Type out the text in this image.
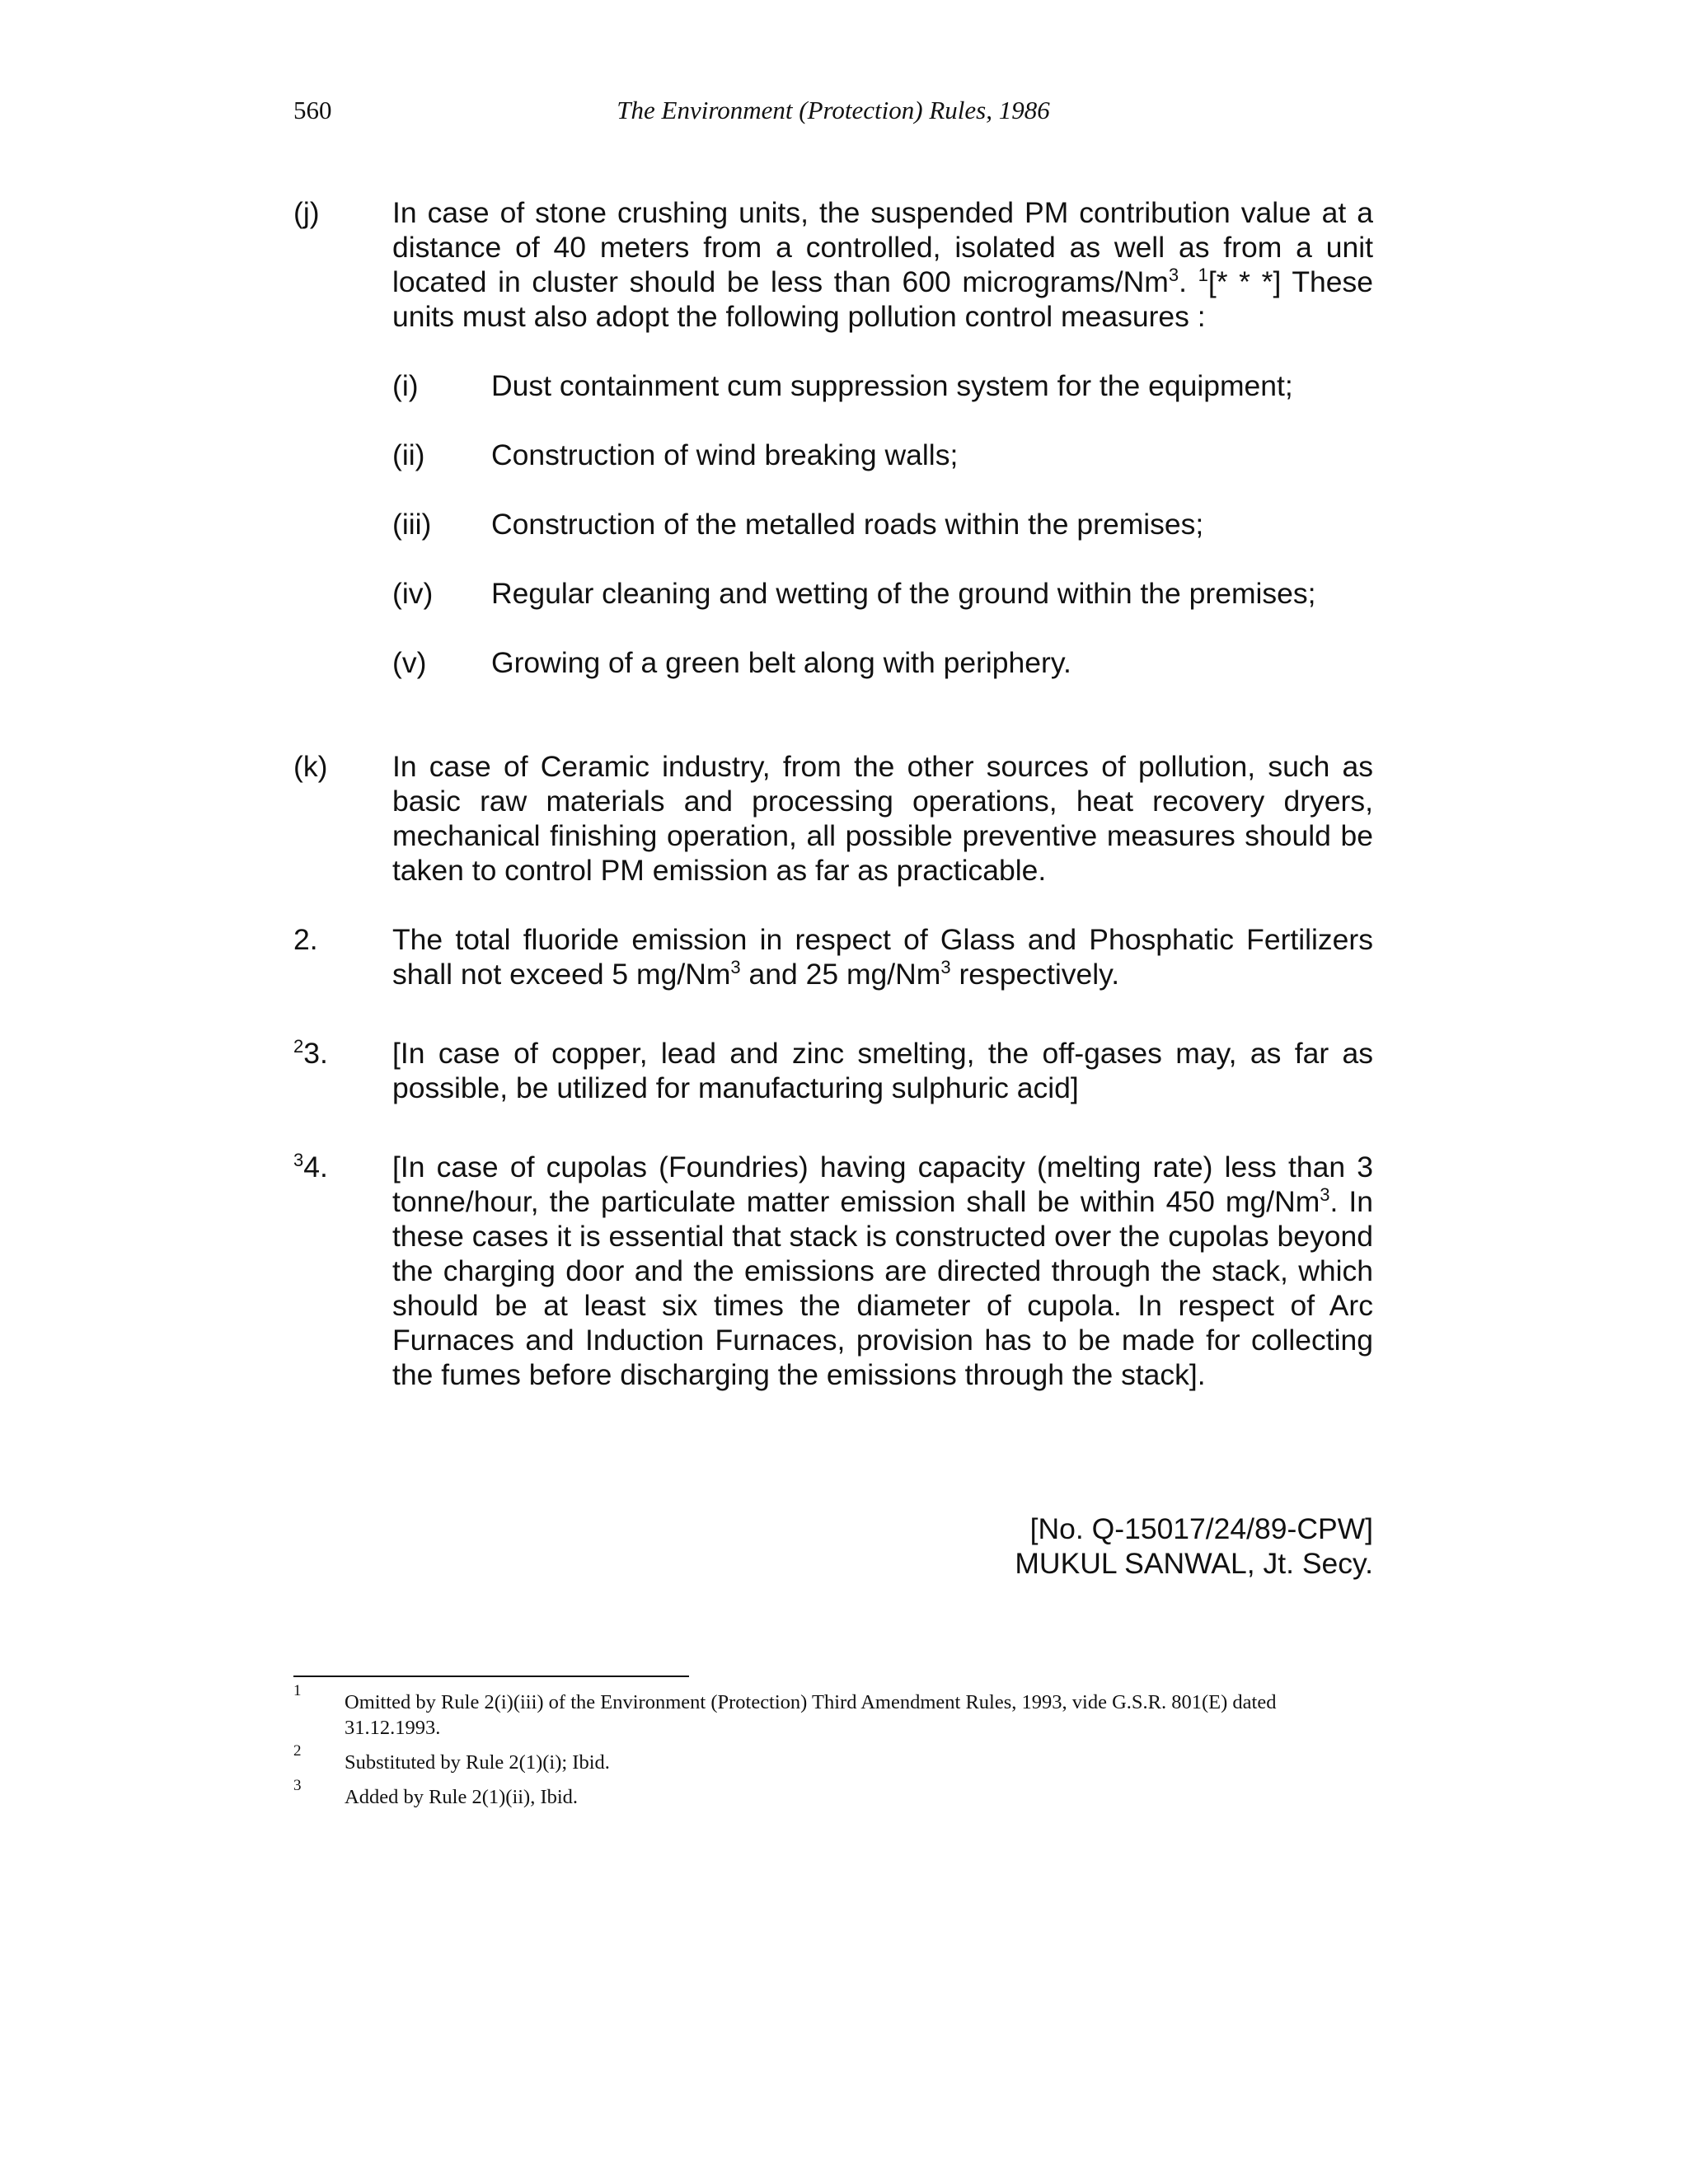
560	The Environment (Protection) Rules, 1986
(j) In case of stone crushing units, the suspended PM contribution value at a distance of 40 meters from a controlled, isolated as well as from a unit located in cluster should be less than 600 micrograms/Nm$^3$. $^1$[* * *] These units must also adopt the following pollution control measures :
(i) Dust containment cum suppression system for the equipment;
(ii) Construction of wind breaking walls;
(iii) Construction of the metalled roads within the premises;
(iv) Regular cleaning and wetting of the ground within the premises;
(v) Growing of a green belt along with periphery.
(k) In case of Ceramic industry, from the other sources of pollution, such as basic raw materials and processing operations, heat recovery dryers, mechanical finishing operation, all possible preventive measures should be taken to control PM emission as far as practicable.
2.	The total fluoride emission in respect of Glass and Phosphatic Fertilizers shall not exceed 5 mg/Nm$^3$ and 25 mg/Nm$^3$ respectively.
$^2$3. [In case of copper, lead and zinc smelting, the off-gases may, as far as possible, be utilized for manufacturing sulphuric acid]
$^3$4. [In case of cupolas (Foundries) having capacity (melting rate) less than 3 tonne/hour, the particulate matter emission shall be within 450 mg/Nm$^3$. In these cases it is essential that stack is constructed over the cupolas beyond the charging door and the emissions are directed through the stack, which should be at least six times the diameter of cupola. In respect of Arc Furnaces and Induction Furnaces, provision has to be made for collecting the fumes before discharging the emissions through the stack].
[No. Q-15017/24/89-CPW]
MUKUL SANWAL, Jt. Secy.
1
Omitted by Rule 2(i)(iii) of the Environment (Protection) Third Amendment Rules, 1993, vide G.S.R. 801(E) dated 31.12.1993.
2
Substituted by Rule 2(1)(i); Ibid.
3
Added by Rule 2(1)(ii), Ibid.
